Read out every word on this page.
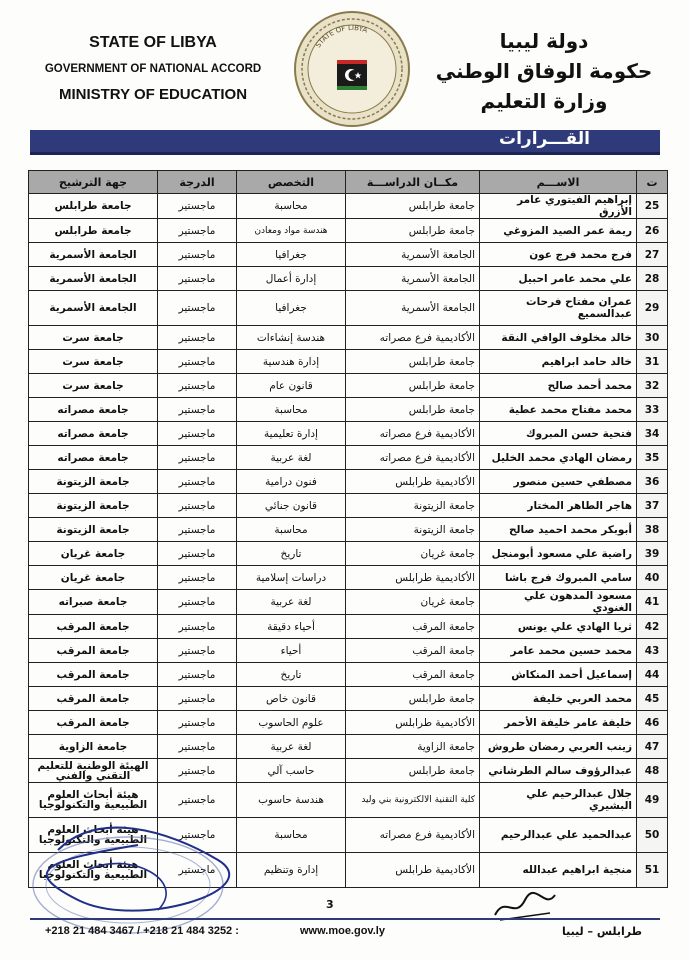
STATE OF LIBYA
GOVERNMENT OF NATIONAL ACCORD
MINISTRY OF EDUCATION
STATE OF LIBYA	دولة ليبيا
حكومة الوفاق الوطني
وزارة التعليم
القـــرارات
ت	الاســـم	مكــان الدراســـة	التخصص	الدرجة	جهة الترشيح
25	إبراهيم الفيتوري عامر الأزرق	جامعة طرابلس	محاسبة	ماجستير	جامعة طرابلس
26	ريمة عمر الصيد المزوغي	جامعة طرابلس	هندسة مواد ومعادن	ماجستير	جامعة طرابلس
27	فرج محمد فرج عون	الجامعة الأسمرية	جغرافيا	ماجستير	الجامعة الأسمرية
28	علي محمد عامر احبيل	الجامعة الأسمرية	إدارة أعمال	ماجستير	الجامعة الأسمرية
29	عمران مفتاح فرحات عبدالسميع	الجامعة الأسمرية	جغرافيا	ماجستير	الجامعة الأسمرية
30	خالد مخلوف الوافي النقة	الأكاديمية فرع مصراته	هندسة إنشاءات	ماجستير	جامعة سرت
31	خالد حامد ابراهيم	جامعة طرابلس	إدارة هندسية	ماجستير	جامعة سرت
32	محمد أحمد صالح	جامعة طرابلس	قانون عام	ماجستير	جامعة سرت
33	محمد مفتاح محمد عطية	جامعة طرابلس	محاسبة	ماجستير	جامعة مصراته
34	فتحية حسن المبروك	الأكاديمية فرع مصراته	إدارة تعليمية	ماجستير	جامعة مصراته
35	رمضان الهادي محمد الخليل	الأكاديمية فرع مصراته	لغة عربية	ماجستير	جامعة مصراته
36	مصطفي حسين منصور	الأكاديمية طرابلس	فنون درامية	ماجستير	جامعة الزيتونة
37	هاجر الطاهر المختار	جامعة الزيتونة	قانون جنائي	ماجستير	جامعة الزيتونة
38	أبوبكر محمد احميد صالح	جامعة الزيتونة	محاسبة	ماجستير	جامعة الزيتونة
39	راضية علي مسعود أبومنجل	جامعة غريان	تاريخ	ماجستير	جامعة غريان
40	سامي المبروك فرج باشا	الأكاديمية طرابلس	دراسات إسلامية	ماجستير	جامعة غريان
41	مسعود المدهون علي الغنودي	جامعة غريان	لغة عربية	ماجستير	جامعة صبراته
42	ثريا الهادي علي يونس	جامعة المرقب	أحياء دقيقة	ماجستير	جامعة المرقب
43	محمد حسين محمد عامر	جامعة المرقب	أحياء	ماجستير	جامعة المرقب
44	إسماعيل أحمد المنكاش	جامعة المرقب	تاريخ	ماجستير	جامعة المرقب
45	محمد العربي خليفة	جامعة طرابلس	قانون خاص	ماجستير	جامعة المرقب
46	خليفة عامر خليفة الأحمر	الأكاديمية طرابلس	علوم الحاسوب	ماجستير	جامعة المرقب
47	زينب العربي رمضان طروش	جامعة الزاوية	لغة عربية	ماجستير	جامعة الزاوية
48	عبدالرؤوف سالم الطرشاني	جامعة طرابلس	حاسب آلي	ماجستير	الهيئة الوطنية للتعليم التقني والفني
49	جلال عبدالرحيم علي البشيري	كلية التقنية الالكترونية بني وليد	هندسة حاسوب	ماجستير	هيئة أبحاث العلوم الطبيعية والتكنولوجيا
50	عبدالحميد علي عبدالرحيم	الأكاديمية فرع مصراته	محاسبة	ماجستير	هيئة أبحاث العلوم الطبيعية والتكنولوجيا
51	منجية ابراهيم عبدالله	الأكاديمية طرابلس	إدارة وتنظيم	ماجستير	هيئة أبحاث العلوم الطبيعية والتكنولوجيا
3
+218 21 484 3467 / +218 21 484 3252 :	www.moe.gov.ly	طرابلس – ليبيا
